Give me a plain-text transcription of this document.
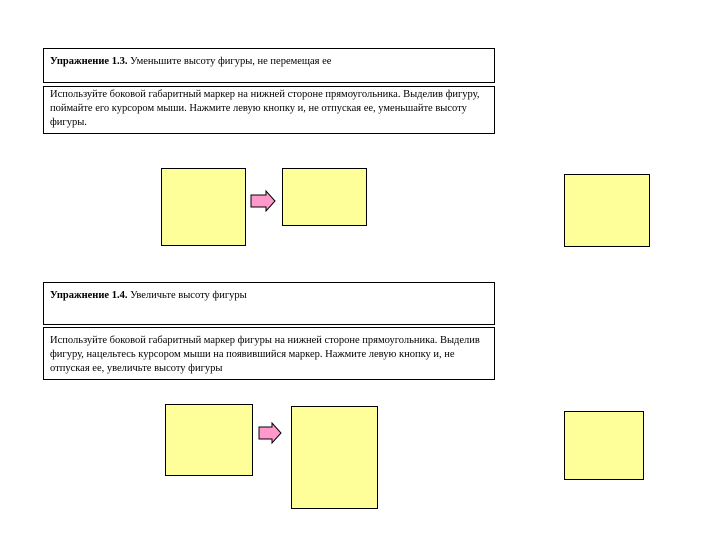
Упражнение 1.3. Уменьшите высоту фигуры, не перемещая ее
Используйте боковой габаритный маркер на нижней стороне прямоугольника. Выделив фигуру, поймайте его курсором мыши. Нажмите левую кнопку и, не отпуская ее, уменьшайте высоту фигуры.
Упражнение 1.4. Увеличьте высоту фигуры
Используйте боковой габаритный маркер фигуры на нижней стороне прямоугольника. Выделив фигуру, нацельтесь курсором мыши на появившийся маркер. Нажмите левую кнопку и, не отпуская ее, увеличьте высоту фигуры
